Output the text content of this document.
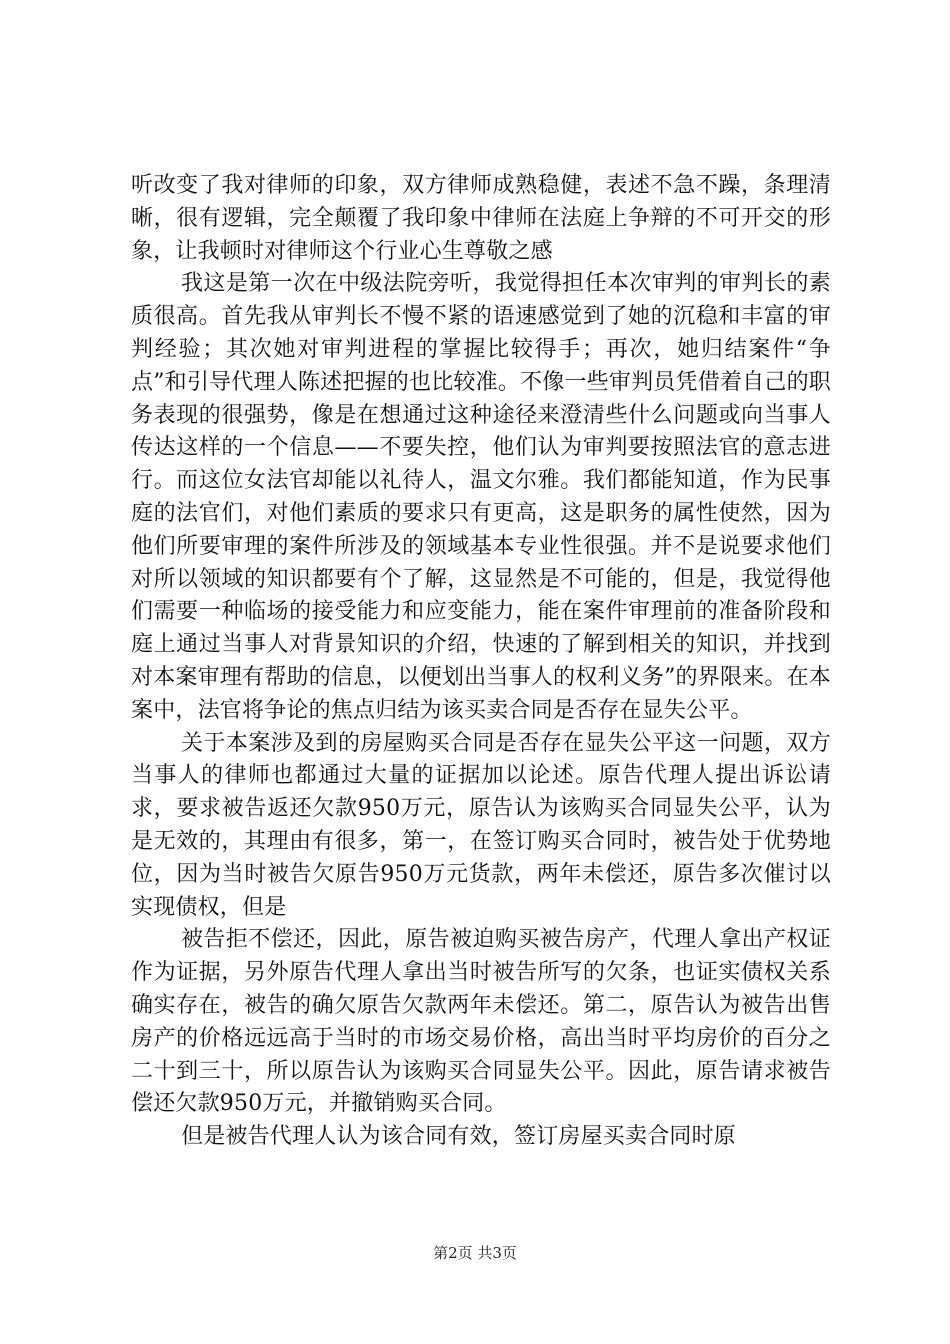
听改变了我对律师的印象，双方律师成熟稳健，表述不急不躁，条理清晰，很有逻辑，完全颠覆了我印象中律师在法庭上争辩的不可开交的形象，让我顿时对律师这个行业心生尊敬之感

我这是第一次在中级法院旁听，我觉得担任本次审判的审判长的素质很高。首先我从审判长不慢不紧的语速感觉到了她的沉稳和丰富的审判经验；其次她对审判进程的掌握比较得手；再次，她归结案件“争点”和引导代理人陈述把握的也比较准。不像一些审判员凭借着自己的职务表现的很强势，像是在想通过这种途径来澄清些什么问题或向当事人传达这样的一个信息——不要失控，他们认为审判要按照法官的意志进行。而这位女法官却能以礼待人，温文尔雅。我们都能知道，作为民事庭的法官们，对他们素质的要求只有更高，这是职务的属性使然，因为他们所要审理的案件所涉及的领域基本专业性很强。并不是说要求他们对所以领域的知识都要有个了解，这显然是不可能的，但是，我觉得他们需要一种临场的接受能力和应变能力，能在案件审理前的准备阶段和庭上通过当事人对背景知识的介绍，快速的了解到相关的知识，并找到对本案审理有帮助的信息，以便划出当事人的权利义务”的界限来。在本案中，法官将争论的焦点归结为该买卖合同是否存在显失公平。

关于本案涉及到的房屋购买合同是否存在显失公平这一问题，双方当事人的律师也都通过大量的证据加以论述。原告代理人提出诉讼请求，要求被告返还欠款950万元，原告认为该购买合同显失公平，认为是无效的，其理由有很多，第一，在签订购买合同时，被告处于优势地位，因为当时被告欠原告950万元货款，两年未偿还，原告多次催讨以实现债权，但是

被告拒不偿还，因此，原告被迫购买被告房产，代理人拿出产权证作为证据，另外原告代理人拿出当时被告所写的欠条，也证实债权关系确实存在，被告的确欠原告欠款两年未偿还。第二，原告认为被告出售房产的价格远远高于当时的市场交易价格，高出当时平均房价的百分之二十到三十，所以原告认为该购买合同显失公平。因此，原告请求被告偿还欠款950万元，并撤销购买合同。

但是被告代理人认为该合同有效，签订房屋买卖合同时原

第2页 共3页
